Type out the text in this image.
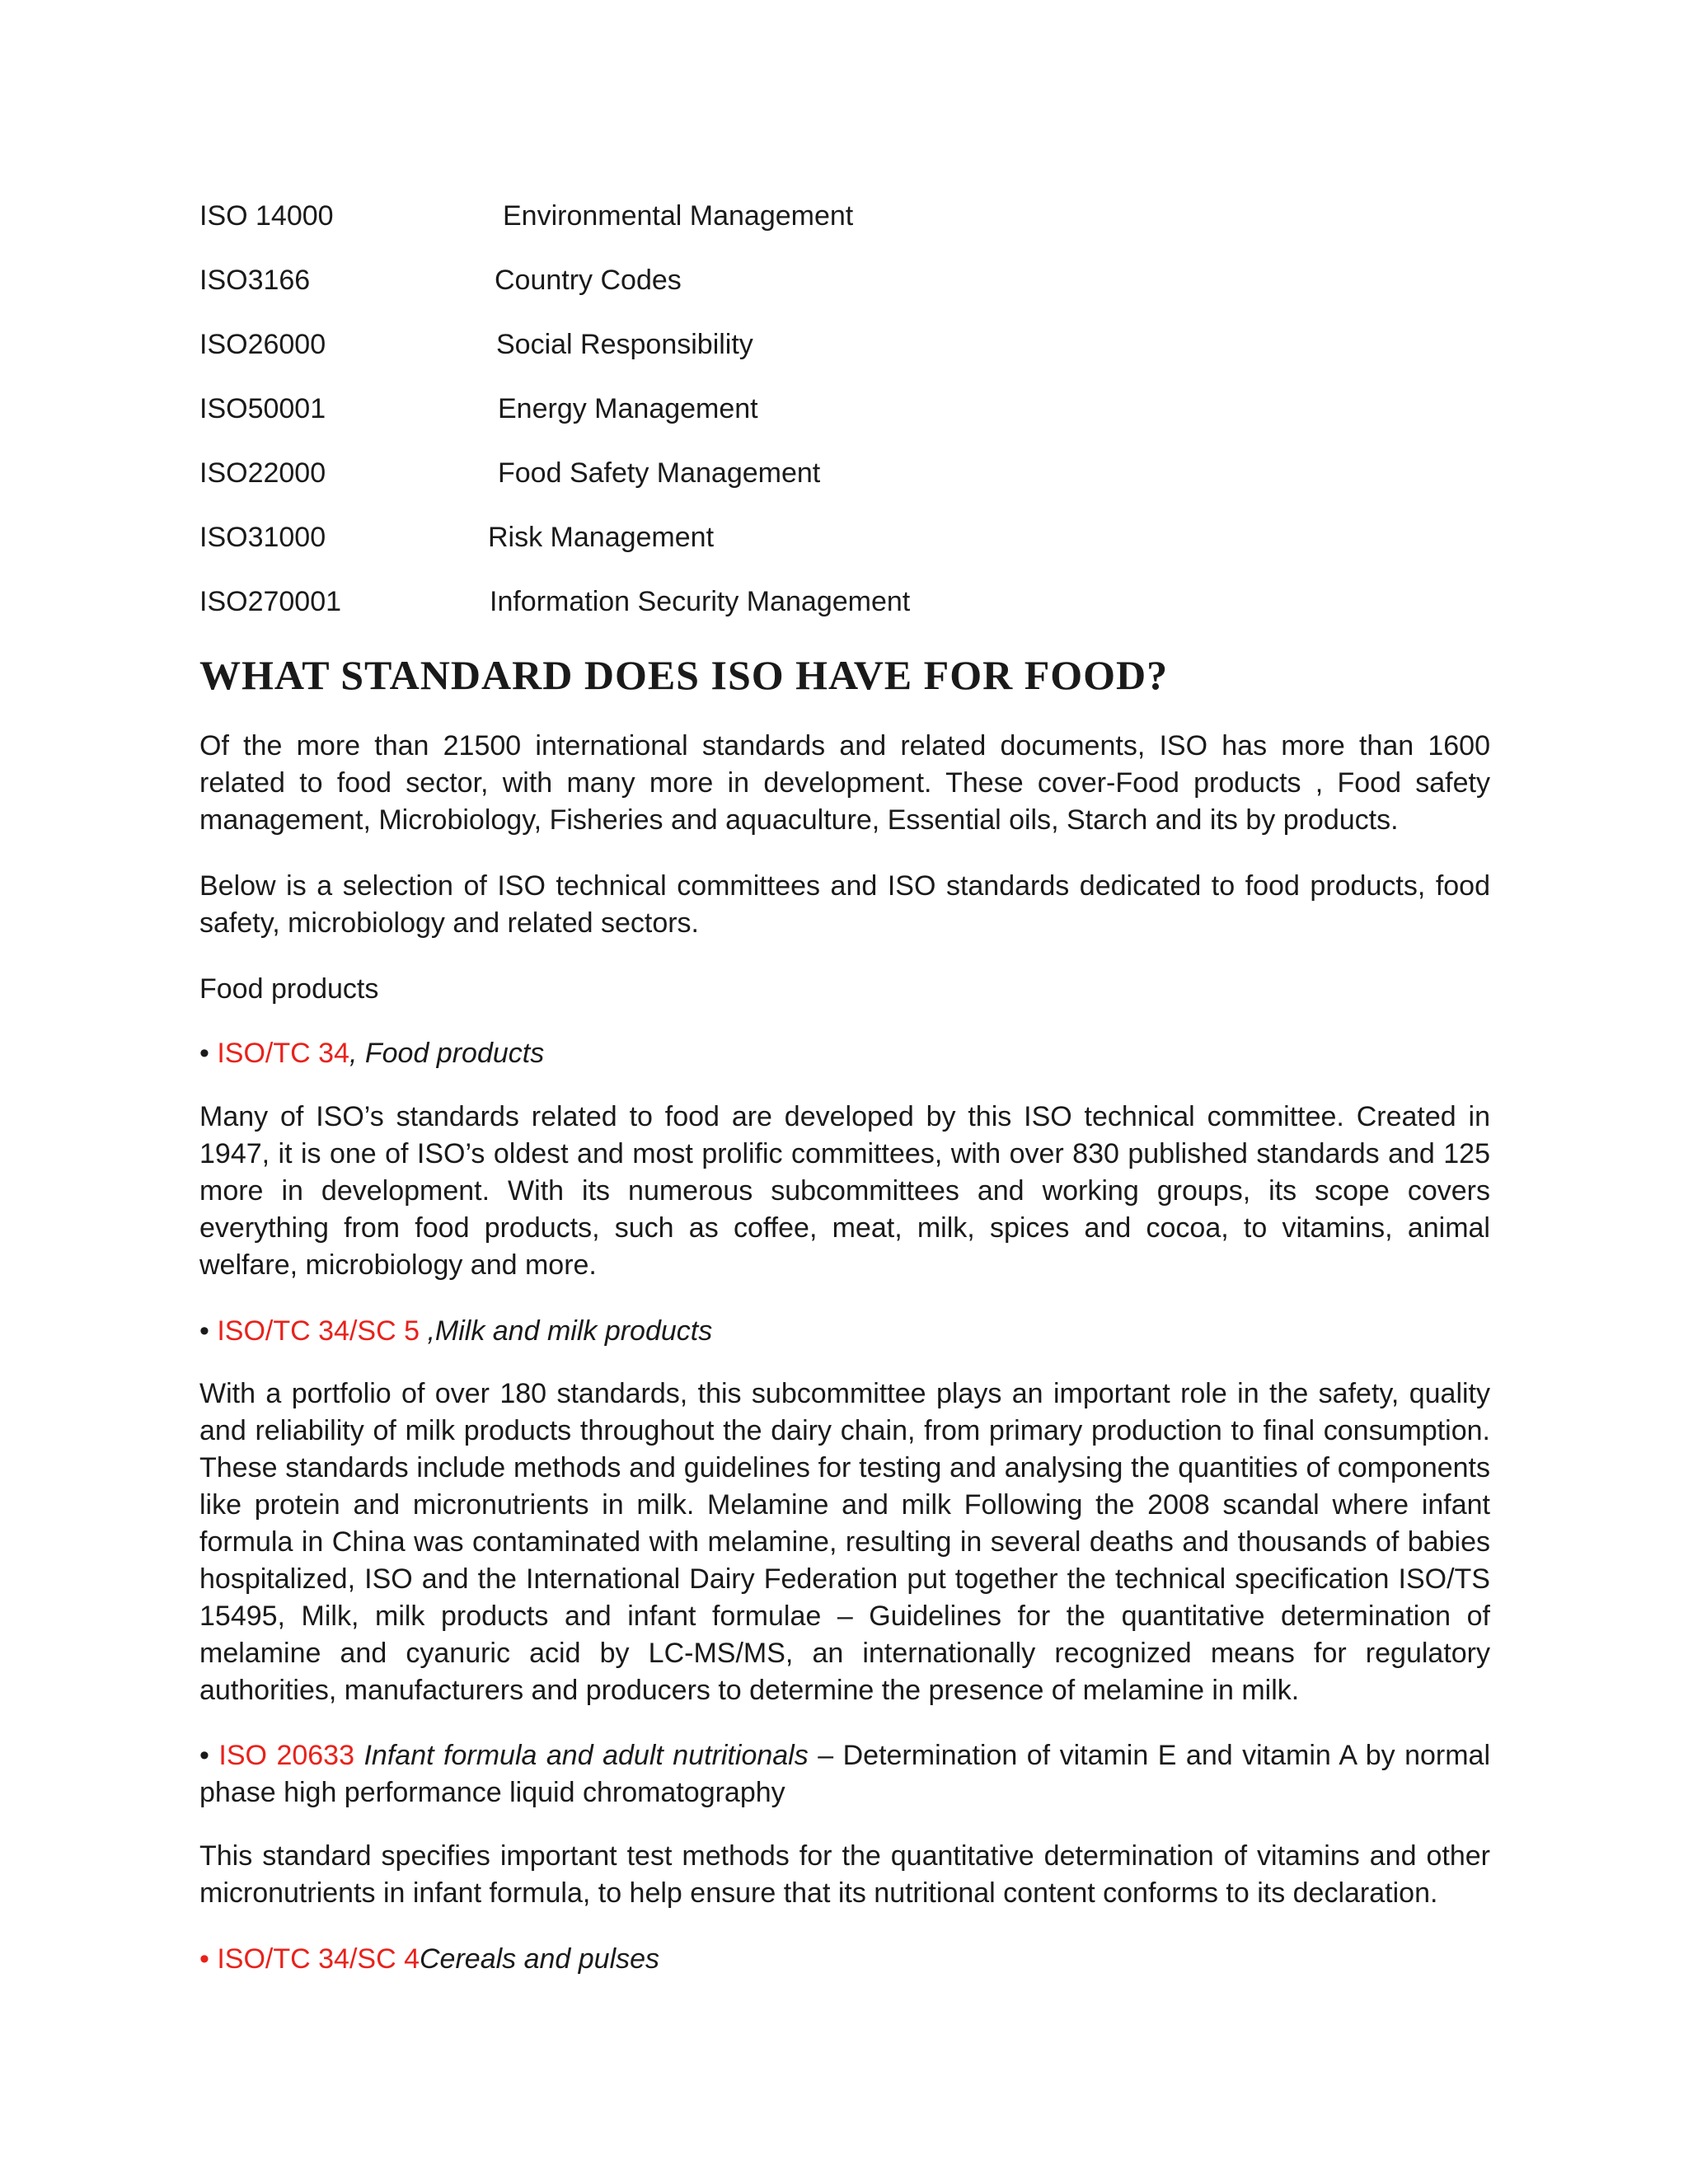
ISO 14000	Environmental Management
ISO3166	Country Codes
ISO26000	Social Responsibility
ISO50001	Energy Management
ISO22000	Food Safety Management
ISO31000	Risk Management
ISO270001	Information Security Management
WHAT STANDARD DOES ISO HAVE FOR FOOD?

Of the more than 21500 international standards and related documents, ISO has more than 1600 related to food sector, with many more in development. These cover-Food products , Food safety management, Microbiology, Fisheries and aquaculture, Essential oils, Starch and its by products.

Below is a selection of ISO technical committees and ISO standards dedicated to food products, food safety, microbiology and related sectors.

Food products

• ISO/TC 34, Food products

Many of ISO’s standards related to food are developed by this ISO technical committee. Created in 1947, it is one of ISO’s oldest and most prolific committees, with over 830 published standards and 125 more in development. With its numerous subcommittees and working groups, its scope covers everything from food products, such as coffee, meat, milk, spices and cocoa, to vitamins, animal welfare, microbiology and more.

• ISO/TC 34/SC 5 ,Milk and milk products

With a portfolio of over 180 standards, this subcommittee plays an important role in the safety, quality and reliability of milk products throughout the dairy chain, from primary production to final consumption. These standards include methods and guidelines for testing and analysing the quantities of components like protein and micronutrients in milk. Melamine and milk Following the 2008 scandal where infant formula in China was contaminated with melamine, resulting in several deaths and thousands of babies hospitalized, ISO and the International Dairy Federation put together the technical specification ISO/TS 15495, Milk, milk products and infant formulae – Guidelines for the quantitative determination of melamine and cyanuric acid by LC-MS/MS, an internationally recognized means for regulatory authorities, manufacturers and producers to determine the presence of melamine in milk.

• ISO 20633 Infant formula and adult nutritionals – Determination of vitamin E and vitamin A by normal phase high performance liquid chromatography

This standard specifies important test methods for the quantitative determination of vitamins and other micronutrients in infant formula, to help ensure that its nutritional content conforms to its declaration.

• ISO/TC 34/SC 4Cereals and pulses
